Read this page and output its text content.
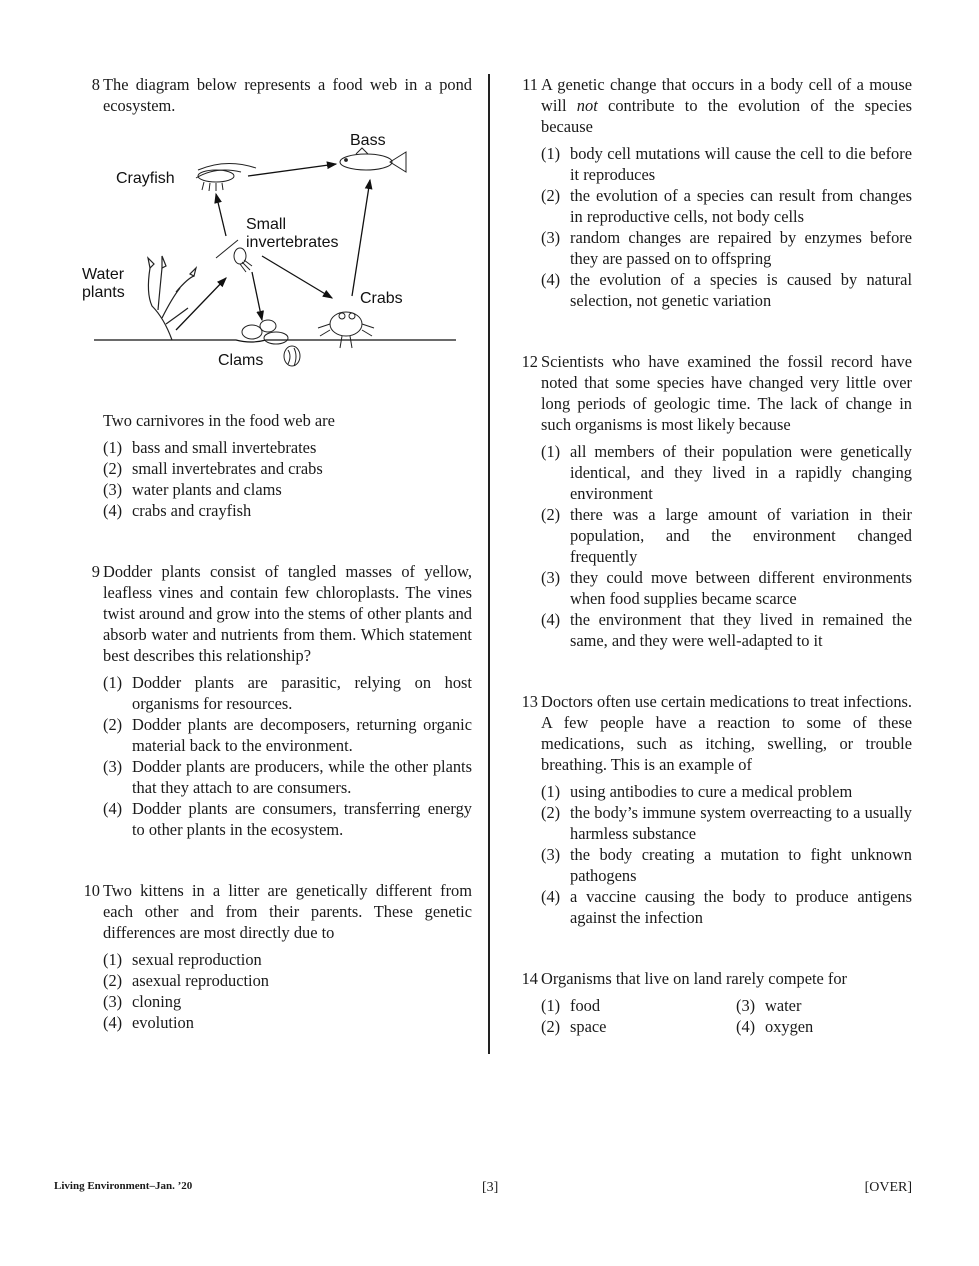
8 The diagram below represents a food web in a pond ecosystem.
Bass
Crayfish
Small
invertebrates
Water
plants	Crabs
Clams
Two carnivores in the food web are
(1) bass and small invertebrates
(2) small invertebrates and crabs
(3) water plants and clams
(4) crabs and crayfish
9 Dodder plants consist of tangled masses of yellow, leafless vines and contain few chloroplasts. The vines twist around and grow into the stems of other plants and absorb water and nutrients from them. Which statement best describes this relationship?
(1) Dodder plants are parasitic, relying on host organisms for resources.
(2) Dodder plants are decomposers, returning organic material back to the environment.
(3) Dodder plants are producers, while the other plants that they attach to are consumers.
(4) Dodder plants are consumers, transferring energy to other plants in the ecosystem.
10 Two kittens in a litter are genetically different from each other and from their parents. These genetic differences are most directly due to
(1) sexual reproduction
(2) asexual reproduction
(3) cloning
(4) evolution
11 A genetic change that occurs in a body cell of a mouse will not contribute to the evolution of the species because
(1) body cell mutations will cause the cell to die before it reproduces
(2) the evolution of a species can result from changes in reproductive cells, not body cells
(3) random changes are repaired by enzymes before they are passed on to offspring
(4) the evolution of a species is caused by natural selection, not genetic variation
12 Scientists who have examined the fossil record have noted that some species have changed very little over long periods of geologic time. The lack of change in such organisms is most likely because
(1) all members of their population were genetically identical, and they lived in a rapidly changing environment
(2) there was a large amount of variation in their population, and the environment changed frequently
(3) they could move between different environments when food supplies became scarce
(4) the environment that they lived in remained the same, and they were well-adapted to it
13 Doctors often use certain medications to treat infections. A few people have a reaction to some of these medications, such as itching, swelling, or trouble breathing. This is an example of
(1) using antibodies to cure a medical problem
(2) the body’s immune system overreacting to a usually harmless substance
(3) the body creating a mutation to fight unknown pathogens
(4) a vaccine causing the body to produce antigens against the infection
14 Organisms that live on land rarely compete for
(1) food	(3) water
(2) space	(4) oxygen
Living Environment–Jan. ’20	[3]	[OVER]
